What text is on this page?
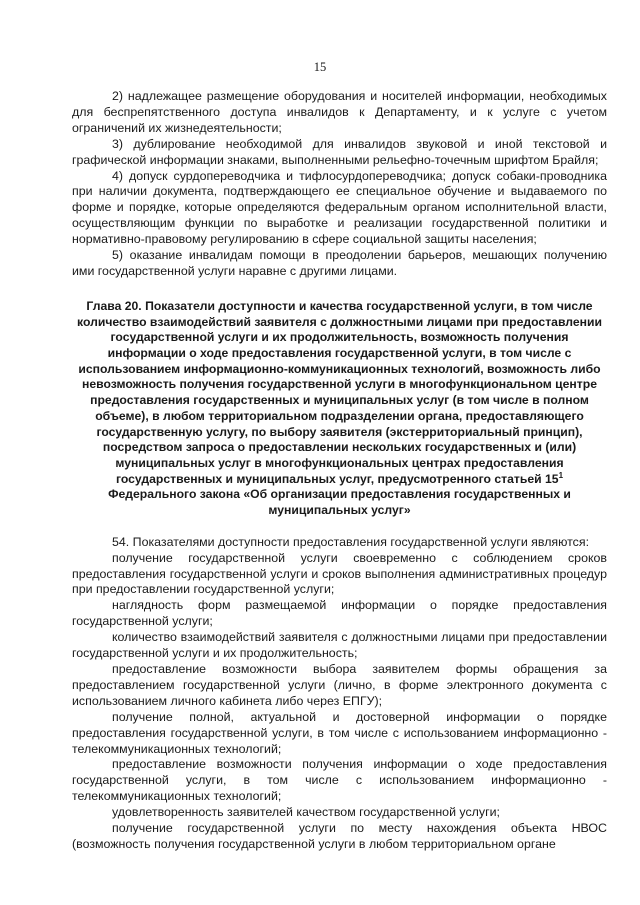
15

2) надлежащее размещение оборудования и носителей информации, необходимых для беспрепятственного доступа инвалидов к Департаменту, и к услуге с учетом ограничений их жизнедеятельности;

3) дублирование необходимой для инвалидов звуковой и иной текстовой и графической информации знаками, выполненными рельефно-точечным шрифтом Брайля;

4) допуск сурдопереводчика и тифлосурдопереводчика; допуск собаки-проводника при наличии документа, подтверждающего ее специальное обучение и выдаваемого по форме и порядке, которые определяются федеральным органом исполнительной власти, осуществляющим функции по выработке и реализации государственной политики и нормативно-правовому регулированию в сфере социальной защиты населения;

5) оказание инвалидам помощи в преодолении барьеров, мешающих получению ими государственной услуги наравне с другими лицами.

Глава 20. Показатели доступности и качества государственной услуги, в том числе количество взаимодействий заявителя с должностными лицами при предоставлении государственной услуги и их продолжительность, возможность получения информации о ходе предоставления государственной услуги, в том числе с использованием информационно-коммуникационных технологий, возможность либо невозможность получения государственной услуги в многофункциональном центре предоставления государственных и муниципальных услуг (в том числе в полном объеме), в любом территориальном подразделении органа, предоставляющего государственную услугу, по выбору заявителя (экстерриториальный принцип), посредством запроса о предоставлении нескольких государственных и (или) муниципальных услуг в многофункциональных центрах предоставления государственных и муниципальных услуг, предусмотренного статьей $15^1$ Федерального закона «Об организации предоставления государственных и муниципальных услуг»

54. Показателями доступности предоставления государственной услуги являются:

получение государственной услуги своевременно с соблюдением сроков предоставления государственной услуги и сроков выполнения административных процедур при предоставлении государственной услуги;

наглядность форм размещаемой информации о порядке предоставления государственной услуги;

количество взаимодействий заявителя с должностными лицами при предоставлении государственной услуги и их продолжительность;

предоставление возможности выбора заявителем формы обращения за предоставлением государственной услуги (лично, в форме электронного документа с использованием личного кабинета либо через ЕПГУ);

получение полной, актуальной и достоверной информации о порядке предоставления государственной услуги, в том числе с использованием информационно - телекоммуникационных технологий;

предоставление возможности получения информации о ходе предоставления государственной услуги, в том числе с использованием информационно - телекоммуникационных технологий;

удовлетворенность заявителей качеством государственной услуги;

получение государственной услуги по месту нахождения объекта НВОС (возможность получения государственной услуги в любом территориальном органе
